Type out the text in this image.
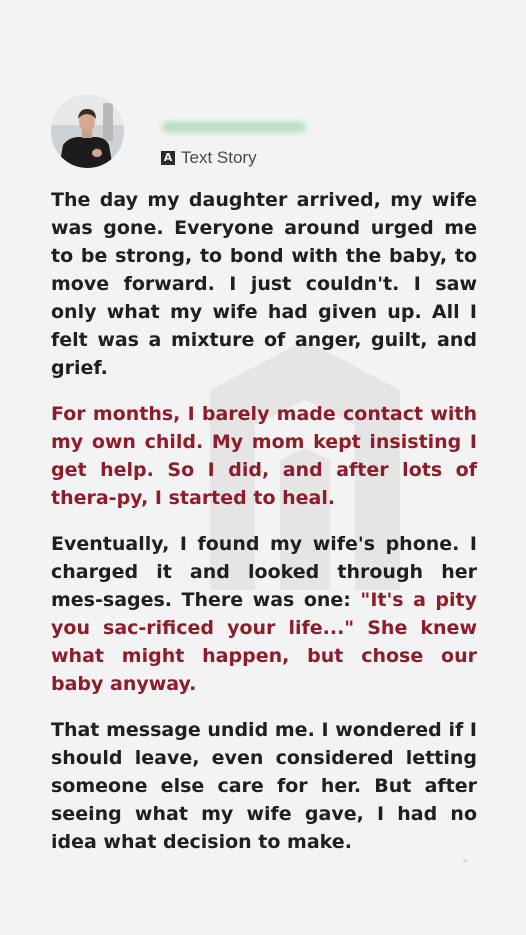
A Text Story

The day my daughter arrived, my wife was gone. Everyone around urged me to be strong, to bond with the baby, to move forward. I just couldn't. I saw only what my wife had given up. All I felt was a mixture of anger, guilt, and grief.

For months, I barely made contact with my own child. My mom kept insisting I get help. So I did, and after lots of thera-py, I started to heal.

Eventually, I found my wife's phone. I charged it and looked through her mes-sages. There was one: "It's a pity you sac-rificed your life..." She knew what might happen, but chose our baby anyway.

That message undid me. I wondered if I should leave, even considered letting someone else care for her. But after seeing what my wife gave, I had no idea what decision to make.
